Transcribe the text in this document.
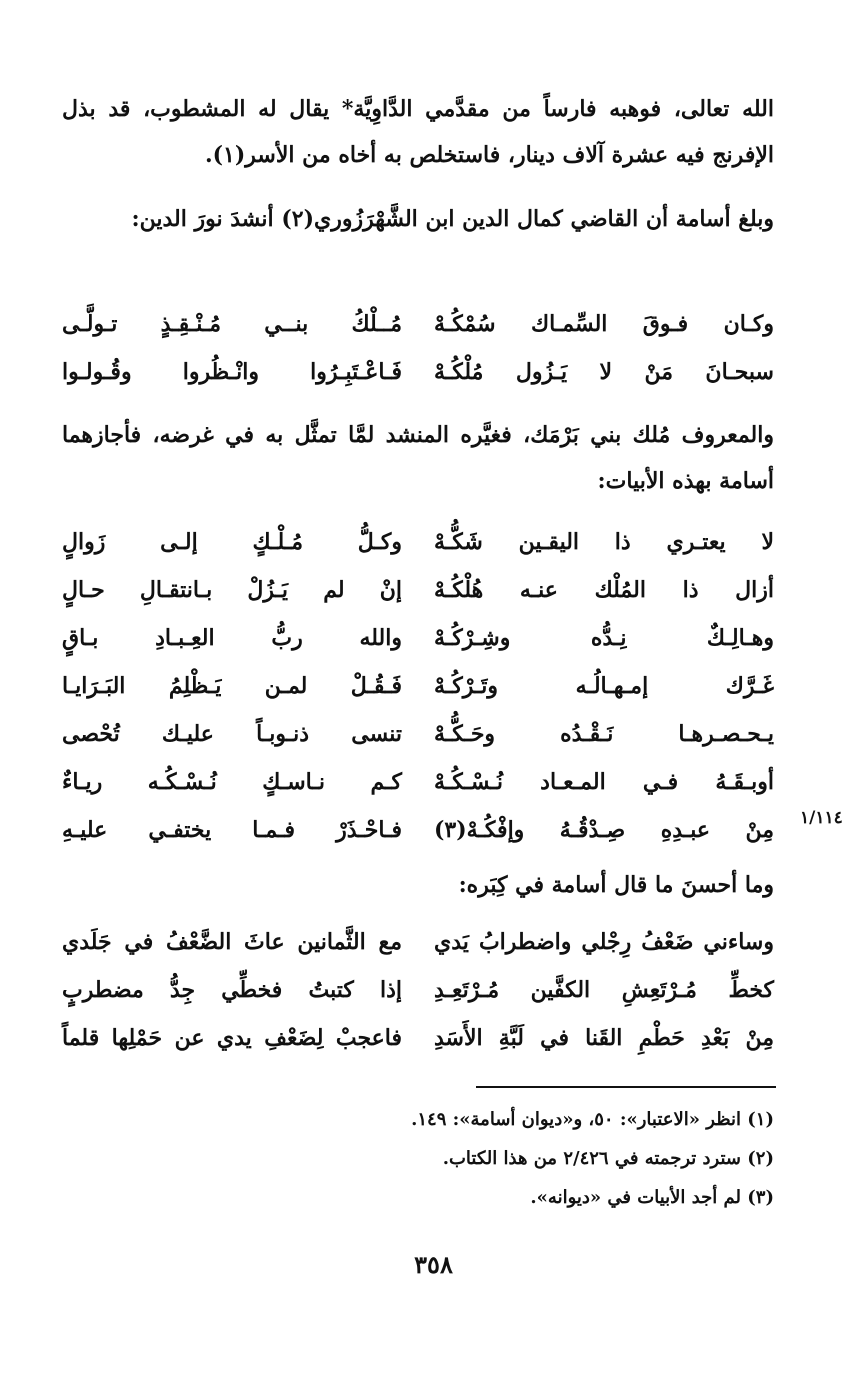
الله تعالى، فوهبه فارساً من مقدَّمي الدَّاوِيَّة* يقال له المشطوب، قد بذل الإفرنج فيه عشرة آلاف دينار، فاستخلص به أخاه من الأسر(١).
وبلغ أسامة أن القاضي كمال الدين ابن الشَّهْرَزُوري(٢) أنشدَ نورَ الدين:
مُــلْكُ بنــي مُـنْـقِـذٍ تـولَّـى وكـان فـوقَ السِّمـاك سُمْكُـهْ
فَـاعْـتَبِـرُوا وانْـظُروا وقُـولـوا سبحـانَ مَنْ لا يَـزُول مُلْكُـهْ
والمعروف مُلك بني بَرْمَك، فغيَّره المنشد لمَّا تمثَّل به في غرضه، فأجازهما أسامة بهذه الأبيات:
وكـلُّ مُـلْـكٍ إلـى زَوالٍ لا يعتـري ذا اليقـين شَكُّـهْ
إنْ لم يَـزُلْ بـانتقـالِ حـالٍ أزال ذا المُلْك عنـه هُلْكُـهْ
والله ربُّ العِـبـادِ بـاقٍ وهـالِـكٌ نِـدُّه وشِـرْكُـهْ
فَـقُـلْ لمـن يَـظْلِمُ البَـرَايـا غَـرَّك إمـهـالُـه وتَـرْكُـهْ
تنسى ذنـوبـاً عليـك تُحْصى يـحـصـرهـا نَـقْـدُه وحَـكُّـهْ
كـم نـاسـكٍ نُـسْـكُـه ريـاءٌ أوبـقَـهُ فـي المـعـاد نُـسْـكُـهْ
فـاحْـذَرْ فـمـا يختفـي عليـهِ مِنْ عبـدِهِ صِـدْقُـهُ وإفْكُـهْ(٣) ١/١١٤
وما أحسنَ ما قال أسامة في كِبَره:
مع الثَّمانين عاثَ الضَّعْفُ في جَلَدي وساءني ضَعْفُ رِجْلي واضطرابُ يَدي
إذا كتبتُ فخطِّي جِدُّ مضطربٍ كخطِّ مُـرْتَعِشِ الكفَّين مُـرْتَعِـدِ
فاعجبْ لِضَعْفِ يدي عن حَمْلِها قلماً مِنْ بَعْدِ حَطْمِ القَنا في لَبَّةِ الأَسَدِ
(١) انظر «الاعتبار»: ٥٠، و«ديوان أسامة»: ١٤٩.
(٢) سترد ترجمته في ٢/٤٢٦ من هذا الكتاب.
(٣) لم أجد الأبيات في «ديوانه».
٣٥٨
